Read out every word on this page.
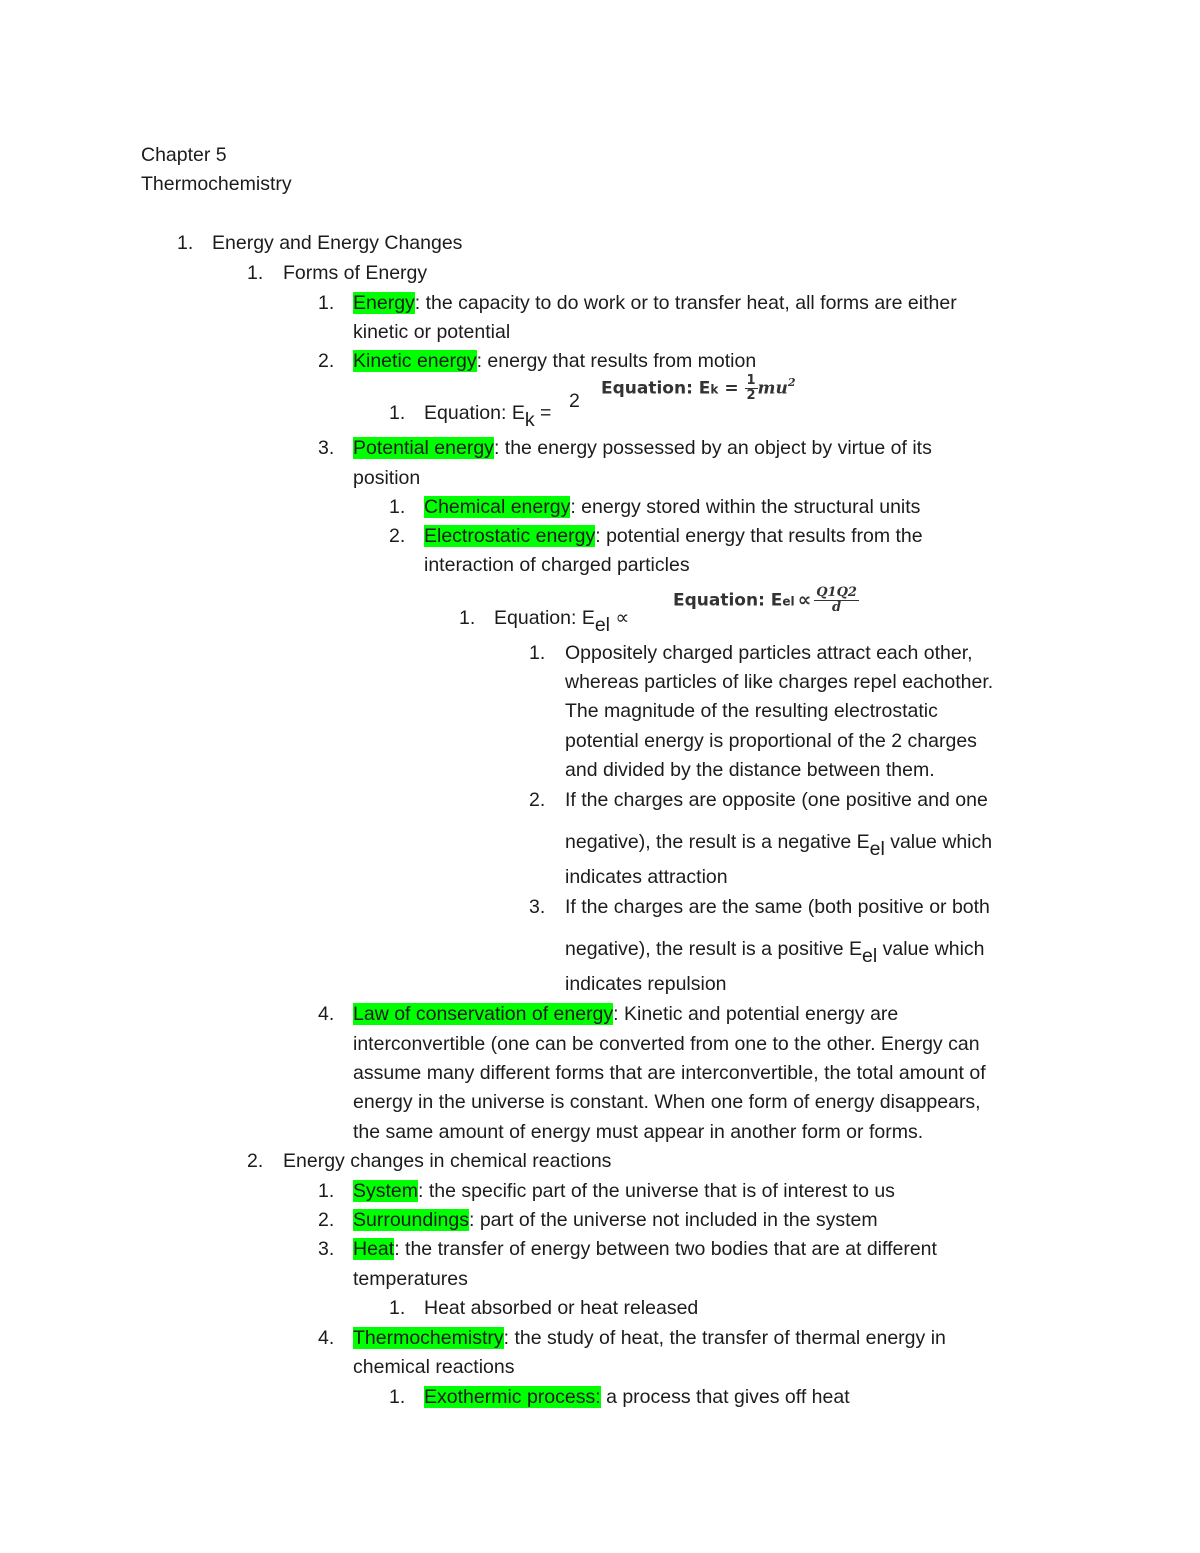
Chapter 5
Thermochemistry
1. Energy and Energy Changes
1. Forms of Energy
1. Energy: the capacity to do work or to transfer heat, all forms are either
kinetic or potential
2. Kinetic energy: energy that results from motion
Equation: $Ek = \frac{1}{2} mu^2$
1. Equation: Ek =
2
3. Potential energy: the energy possessed by an object by virtue of its
position
1. Chemical energy: energy stored within the structural units
2. Electrostatic energy: potential energy that results from the
interaction of charged particles
Equation: Eel ∝ $\frac{Q1Q2}{d}$
1. Equation: Eel ∝
1. Oppositely charged particles attract each other,
whereas particles of like charges repel eachother.
The magnitude of the resulting electrostatic
potential energy is proportional of the 2 charges
and divided by the distance between them.
2. If the charges are opposite (one positive and one
negative), the result is a negative Eel value which
indicates attraction
3. If the charges are the same (both positive or both
negative), the result is a positive Eel value which
indicates repulsion
4. Law of conservation of energy: Kinetic and potential energy are
interconvertible (one can be converted from one to the other. Energy can
assume many different forms that are interconvertible, the total amount of
energy in the universe is constant. When one form of energy disappears,
the same amount of energy must appear in another form or forms.
2. Energy changes in chemical reactions
1. System: the specific part of the universe that is of interest to us
2. Surroundings: part of the universe not included in the system
3. Heat: the transfer of energy between two bodies that are at different
temperatures
1. Heat absorbed or heat released
4. Thermochemistry: the study of heat, the transfer of thermal energy in
chemical reactions
1. Exothermic process: a process that gives off heat
